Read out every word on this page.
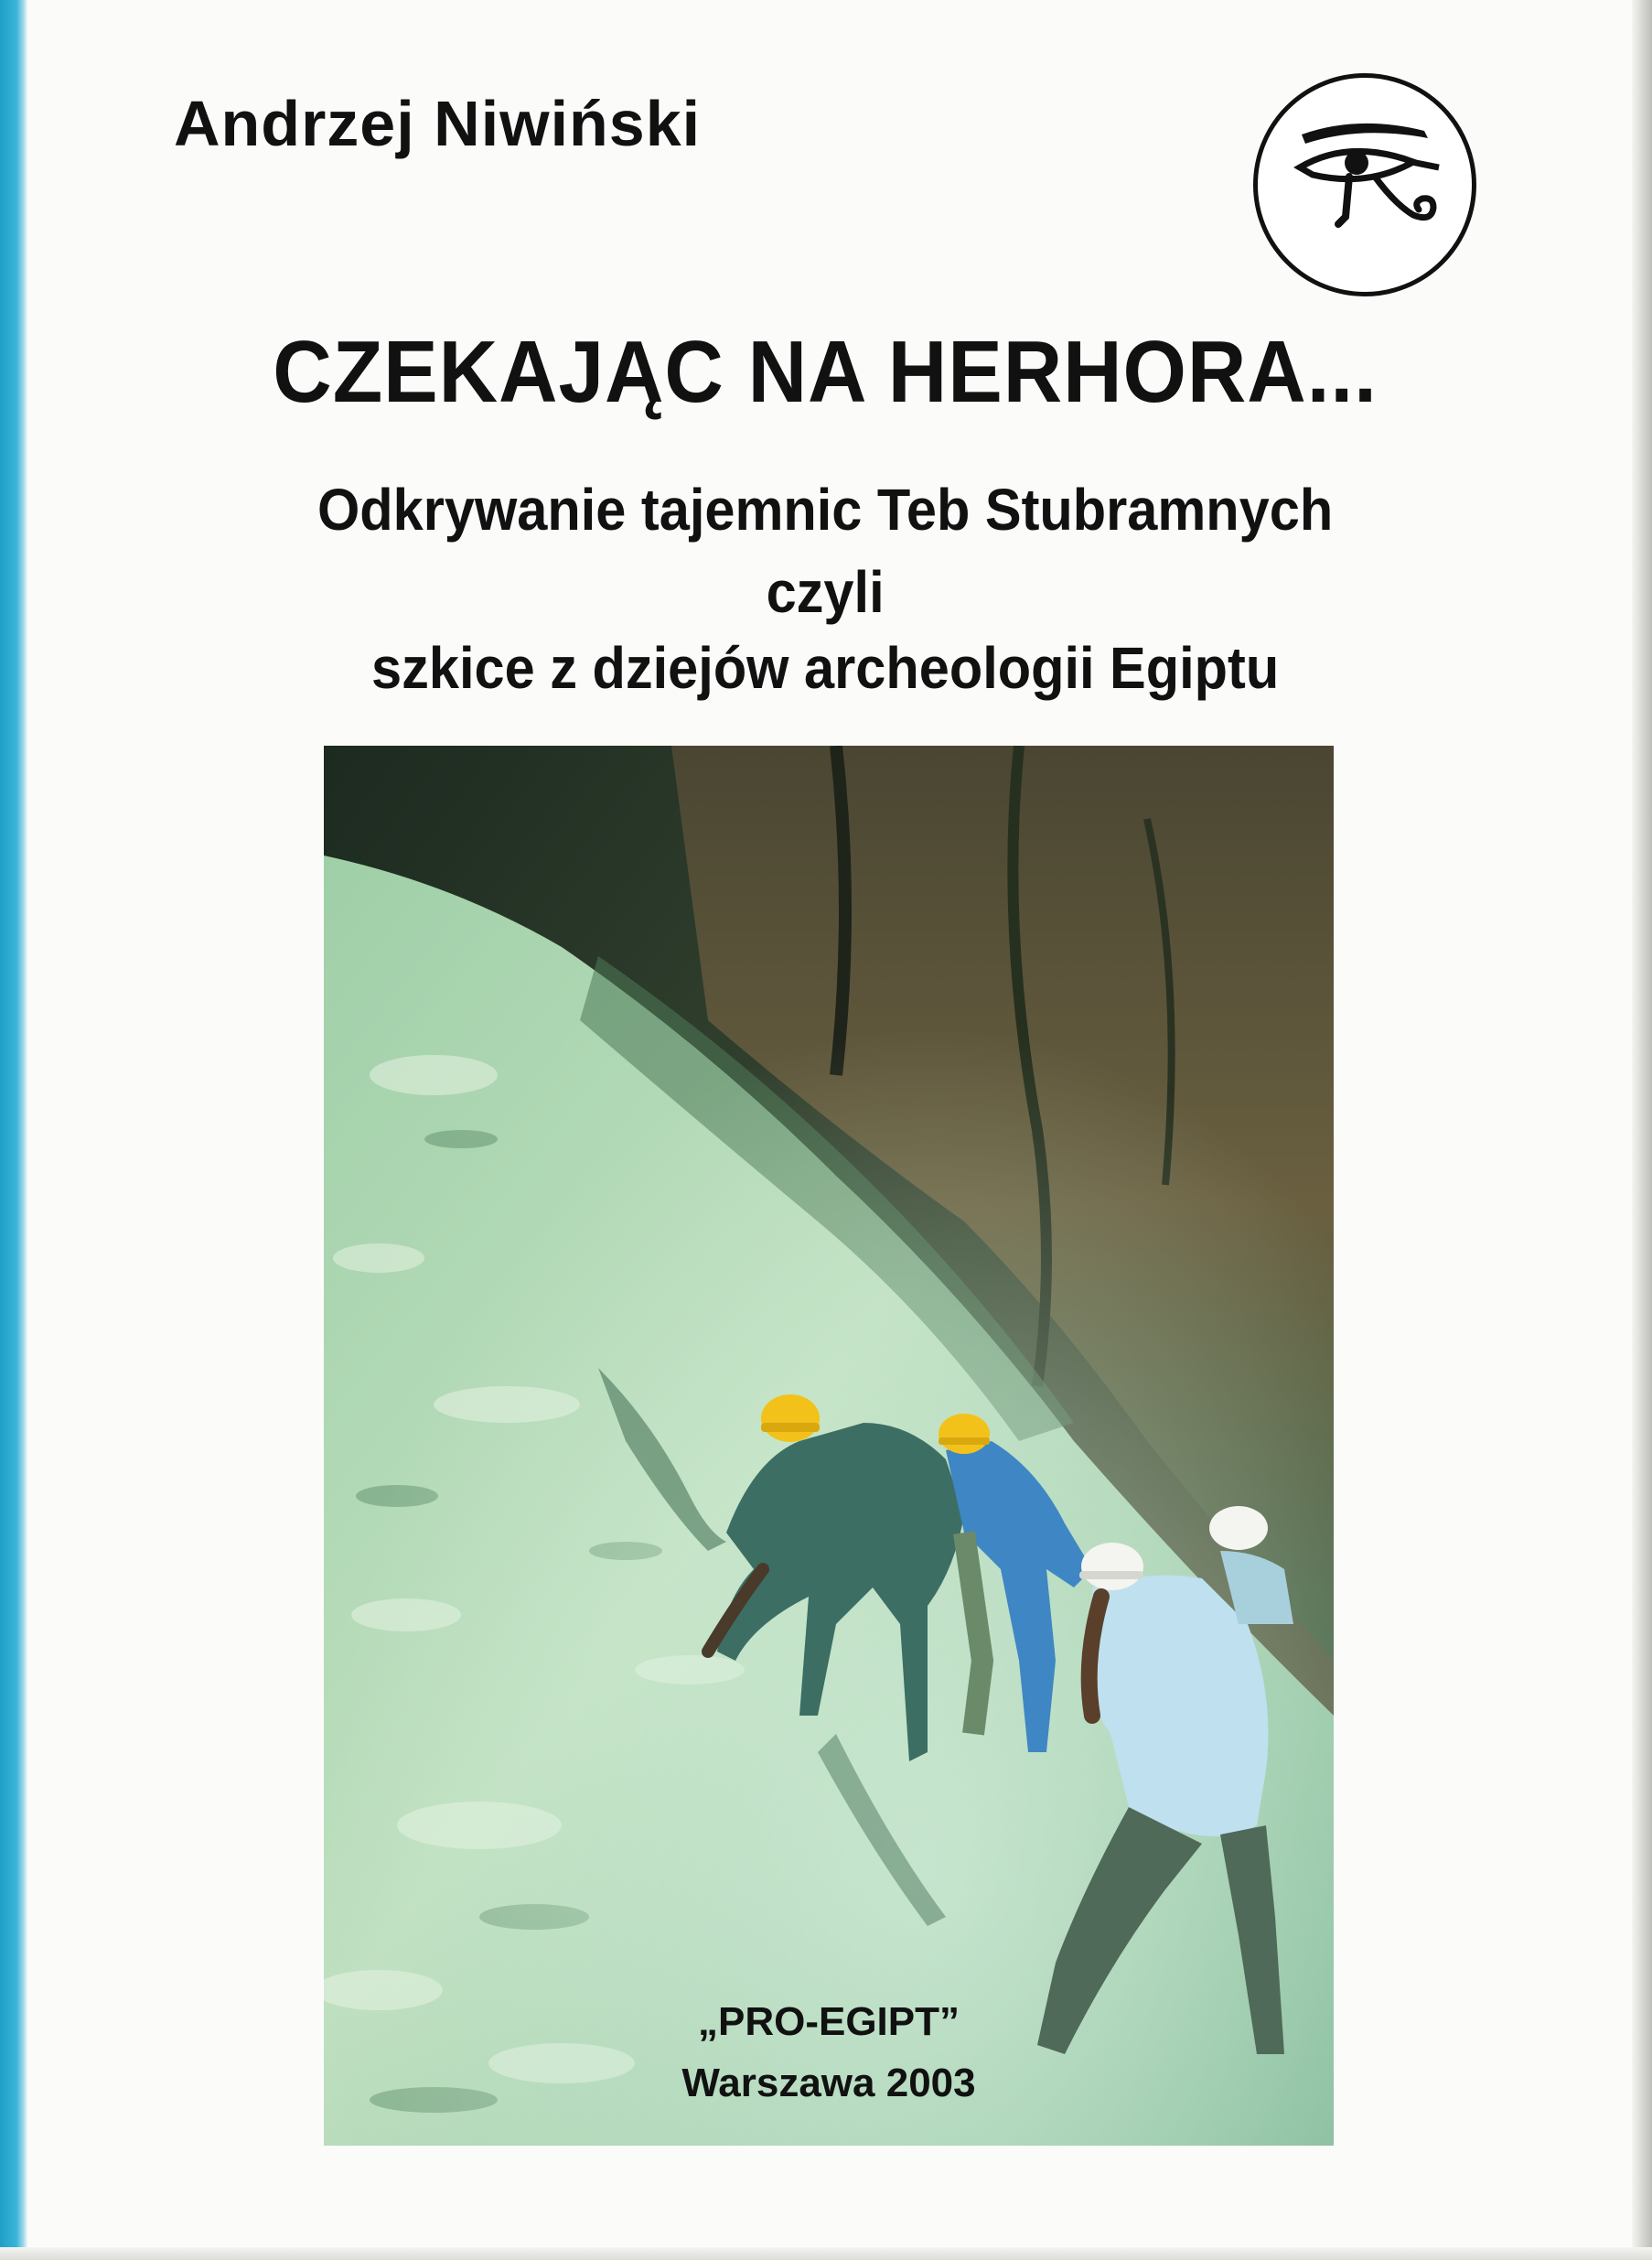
Andrzej Niwiński
CZEKAJĄC NA HERHORA...
Odkrywanie tajemnic Teb Stubramnych
czyli
szkice z dziejów archeologii Egiptu
„PRO-EGIPT”
Warszawa 2003
